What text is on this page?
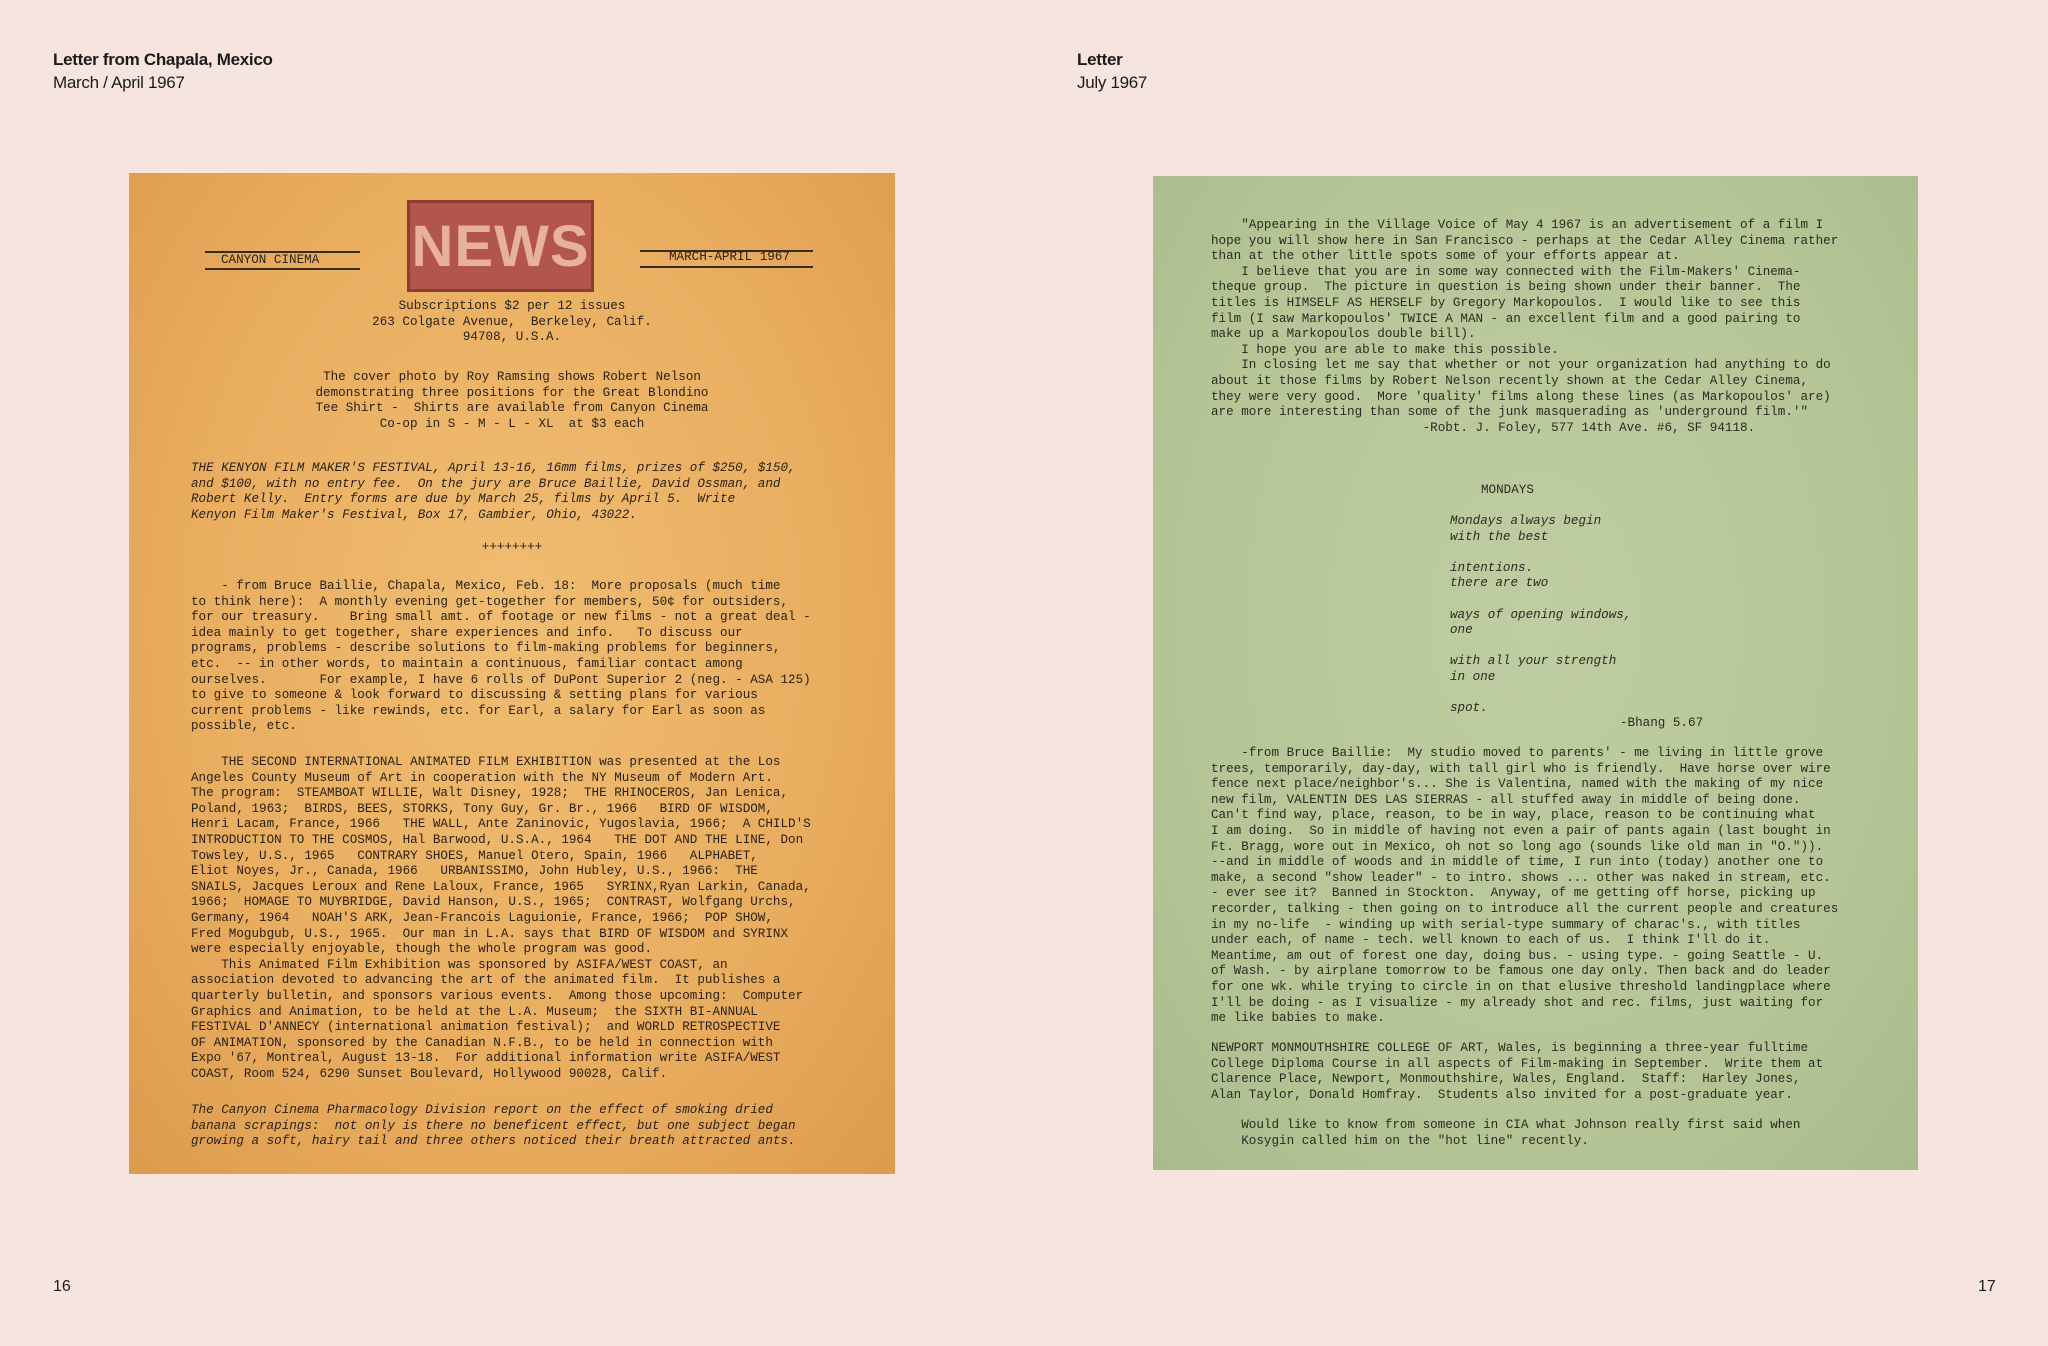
Letter from Chapala, Mexico
March / April 1967
Letter
July 1967
CANYON CINEMA NEWS	MARCH-APRIL 1967
Subscriptions $2 per 12 issues
263 Colgate Avenue,  Berkeley, Calif.
94708, U.S.A.
The cover photo by Roy Ramsing shows Robert Nelson
demonstrating three positions for the Great Blondino
Tee Shirt -  Shirts are available from Canyon Cinema
Co-op in S - M - L - XL  at $3 each
THE KENYON FILM MAKER'S FESTIVAL, April 13-16, 16mm films, prizes of $250, $150,
and $100, with no entry fee.  On the jury are Bruce Baillie, David Ossman, and
Robert Kelly.  Entry forms are due by March 25, films by April 5.  Write
Kenyon Film Maker's Festival, Box 17, Gambier, Ohio, 43022.
++++++++
- from Bruce Baillie, Chapala, Mexico, Feb. 18:  More proposals (much time
to think here):  A monthly evening get-together for members, 50¢ for outsiders,
for our treasury.    Bring small amt. of footage or new films - not a great deal -
idea mainly to get together, share experiences and info.   To discuss our
programs, problems - describe solutions to film-making problems for beginners,
etc.  -- in other words, to maintain a continuous, familiar contact among
ourselves.       For example, I have 6 rolls of DuPont Superior 2 (neg. - ASA 125)
to give to someone & look forward to discussing & setting plans for various
current problems - like rewinds, etc. for Earl, a salary for Earl as soon as
possible, etc.
THE SECOND INTERNATIONAL ANIMATED FILM EXHIBITION was presented at the Los
Angeles County Museum of Art in cooperation with the NY Museum of Modern Art.
The program:  STEAMBOAT WILLIE, Walt Disney, 1928;  THE RHINOCEROS, Jan Lenica,
Poland, 1963;  BIRDS, BEES, STORKS, Tony Guy, Gr. Br., 1966   BIRD OF WISDOM,
Henri Lacam, France, 1966   THE WALL, Ante Zaninovic, Yugoslavia, 1966;  A CHILD'S
INTRODUCTION TO THE COSMOS, Hal Barwood, U.S.A., 1964   THE DOT AND THE LINE, Don
Towsley, U.S., 1965   CONTRARY SHOES, Manuel Otero, Spain, 1966   ALPHABET,
Eliot Noyes, Jr., Canada, 1966   URBANISSIMO, John Hubley, U.S., 1966:  THE
SNAILS, Jacques Leroux and Rene Laloux, France, 1965   SYRINX,Ryan Larkin, Canada,
1966;  HOMAGE TO MUYBRIDGE, David Hanson, U.S., 1965;  CONTRAST, Wolfgang Urchs,
Germany, 1964   NOAH'S ARK, Jean-Francois Laguionie, France, 1966;  POP SHOW,
Fred Mogubgub, U.S., 1965.  Our man in L.A. says that BIRD OF WISDOM and SYRINX
were especially enjoyable, though the whole program was good.
This Animated Film Exhibition was sponsored by ASIFA/WEST COAST, an
association devoted to advancing the art of the animated film.  It publishes a
quarterly bulletin, and sponsors various events.  Among those upcoming:  Computer
Graphics and Animation, to be held at the L.A. Museum;  the SIXTH BI-ANNUAL
FESTIVAL D'ANNECY (international animation festival);  and WORLD RETROSPECTIVE
OF ANIMATION, sponsored by the Canadian N.F.B., to be held in connection with
Expo '67, Montreal, August 13-18.  For additional information write ASIFA/WEST
COAST, Room 524, 6290 Sunset Boulevard, Hollywood 90028, Calif.
The Canyon Cinema Pharmacology Division report on the effect of smoking dried
banana scrapings:  not only is there no beneficent effect, but one subject began
growing a soft, hairy tail and three others noticed their breath attracted ants.
"Appearing in the Village Voice of May 4 1967 is an advertisement of a film I
hope you will show here in San Francisco - perhaps at the Cedar Alley Cinema rather
than at the other little spots some of your efforts appear at.
I believe that you are in some way connected with the Film-Makers' Cinema-
theque group.  The picture in question is being shown under their banner.  The
titles is HIMSELF AS HERSELF by Gregory Markopoulos.  I would like to see this
film (I saw Markopoulos' TWICE A MAN - an excellent film and a good pairing to
make up a Markopoulos double bill).
I hope you are able to make this possible.
In closing let me say that whether or not your organization had anything to do
about it those films by Robert Nelson recently shown at the Cedar Alley Cinema,
they were very good.  More 'quality' films along these lines (as Markopoulos' are)
are more interesting than some of the junk masquerading as 'underground film.'"
-Robt. J. Foley, 577 14th Ave. #6, SF 94118.
MONDAYS
Mondays always begin
with the best

intentions.
there are two

ways of opening windows,
one

with all your strength
in one

spot.
-Bhang 5.67
-from Bruce Baillie:  My studio moved to parents' - me living in little grove
trees, temporarily, day-day, with tall girl who is friendly.  Have horse over wire
fence next place/neighbor's... She is Valentina, named with the making of my nice
new film, VALENTIN DES LAS SIERRAS - all stuffed away in middle of being done.
Can't find way, place, reason, to be in way, place, reason to be continuing what
I am doing.  So in middle of having not even a pair of pants again (last bought in
Ft. Bragg, wore out in Mexico, oh not so long ago (sounds like old man in "O.")).
--and in middle of woods and in middle of time, I run into (today) another one to
make, a second "show leader" - to intro. shows ... other was naked in stream, etc.
- ever see it?  Banned in Stockton.  Anyway, of me getting off horse, picking up
recorder, talking - then going on to introduce all the current people and creatures
in my no-life  - winding up with serial-type summary of charac's., with titles
under each, of name - tech. well known to each of us.  I think I'll do it.
Meantime, am out of forest one day, doing bus. - using type. - going Seattle - U.
of Wash. - by airplane tomorrow to be famous one day only. Then back and do leader
for one wk. while trying to circle in on that elusive threshold landingplace where
I'll be doing - as I visualize - my already shot and rec. films, just waiting for
me like babies to make.
NEWPORT MONMOUTHSHIRE COLLEGE OF ART, Wales, is beginning a three-year fulltime
College Diploma Course in all aspects of Film-making in September.  Write them at
Clarence Place, Newport, Monmouthshire, Wales, England.  Staff:  Harley Jones,
Alan Taylor, Donald Homfray.  Students also invited for a post-graduate year.
Would like to know from someone in CIA what Johnson really first said when
Kosygin called him on the "hot line" recently.
16	17
